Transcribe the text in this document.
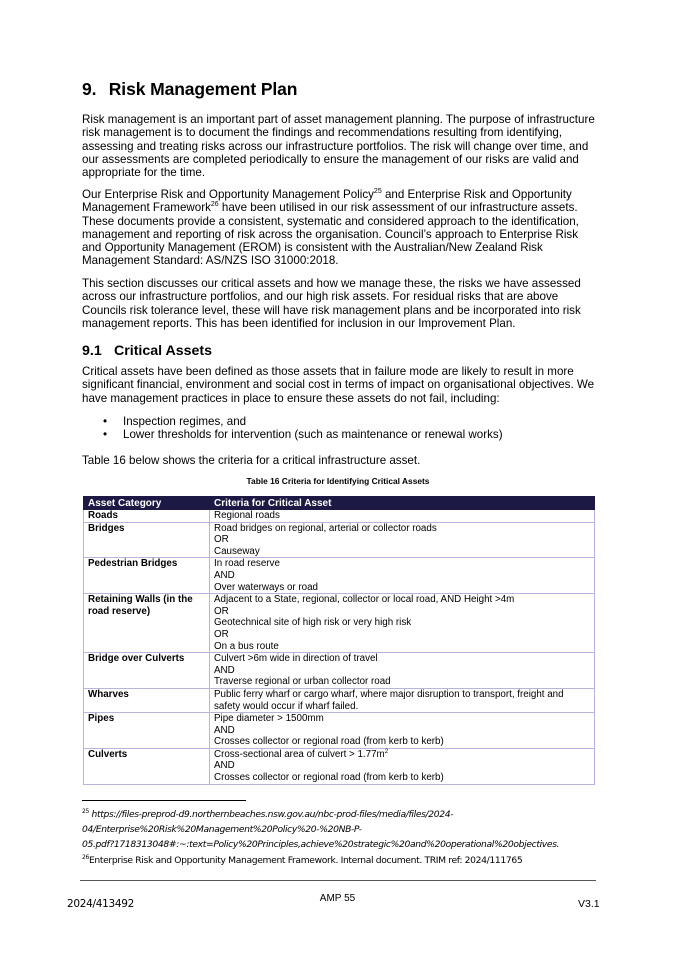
9. Risk Management Plan

Risk management is an important part of asset management planning. The purpose of infrastructure risk management is to document the findings and recommendations resulting from identifying, assessing and treating risks across our infrastructure portfolios. The risk will change over time, and our assessments are completed periodically to ensure the management of our risks are valid and appropriate for the time.

Our Enterprise Risk and Opportunity Management Policy$^{25}$ and Enterprise Risk and Opportunity Management Framework$^{26}$ have been utilised in our risk assessment of our infrastructure assets. These documents provide a consistent, systematic and considered approach to the identification, management and reporting of risk across the organisation. Council’s approach to Enterprise Risk and Opportunity Management (EROM) is consistent with the Australian/New Zealand Risk Management Standard: AS/NZS ISO 31000:2018.

This section discusses our critical assets and how we manage these, the risks we have assessed across our infrastructure portfolios, and our high risk assets. For residual risks that are above Councils risk tolerance level, these will have risk management plans and be incorporated into risk management reports. This has been identified for inclusion in our Improvement Plan.

9.1 Critical Assets

Critical assets have been defined as those assets that in failure mode are likely to result in more significant financial, environment and social cost in terms of impact on organisational objectives. We have management practices in place to ensure these assets do not fail, including:

• Inspection regimes, and
• Lower thresholds for intervention (such as maintenance or renewal works)

Table 16 below shows the criteria for a critical infrastructure asset.

Table 16 Criteria for Identifying Critical Assets
Asset Category	Criteria for Critical Asset
Roads	Regional roads

Bridges	Road bridges on regional, arterial or collector roads
OR
Causeway

Pedestrian Bridges	In road reserve
AND
Over waterways or road

Retaining Walls (in the road reserve)	Adjacent to a State, regional, collector or local road, AND Height >4m
OR
Geotechnical site of high risk or very high risk
OR
On a bus route

Bridge over Culverts	Culvert >6m wide in direction of travel
AND
Traverse regional or urban collector road

Wharves	Public ferry wharf or cargo wharf, where major disruption to transport, freight and
safety would occur if wharf failed.

Pipes	Pipe diameter > 1500mm
AND
Crosses collector or regional road (from kerb to kerb)

Culverts	Cross-sectional area of culvert > $1.77m^2$
AND
Crosses collector or regional road (from kerb to kerb)
$^{25}$ https://files-preprod-d9.northernbeaches.nsw.gov.au/nbc-prod-files/media/files/2024-
04/Enterprise%20Risk%20Management%20Policy%20-%20NB-P-
05.pdf?1718313048#:~:text=Policy%20Principles,achieve%20strategic%20and%20operational%20objectives.
$^{26}$Enterprise Risk and Opportunity Management Framework. Internal document. TRIM ref: 2024/111765
2024/413492	AMP 55	V3.1
